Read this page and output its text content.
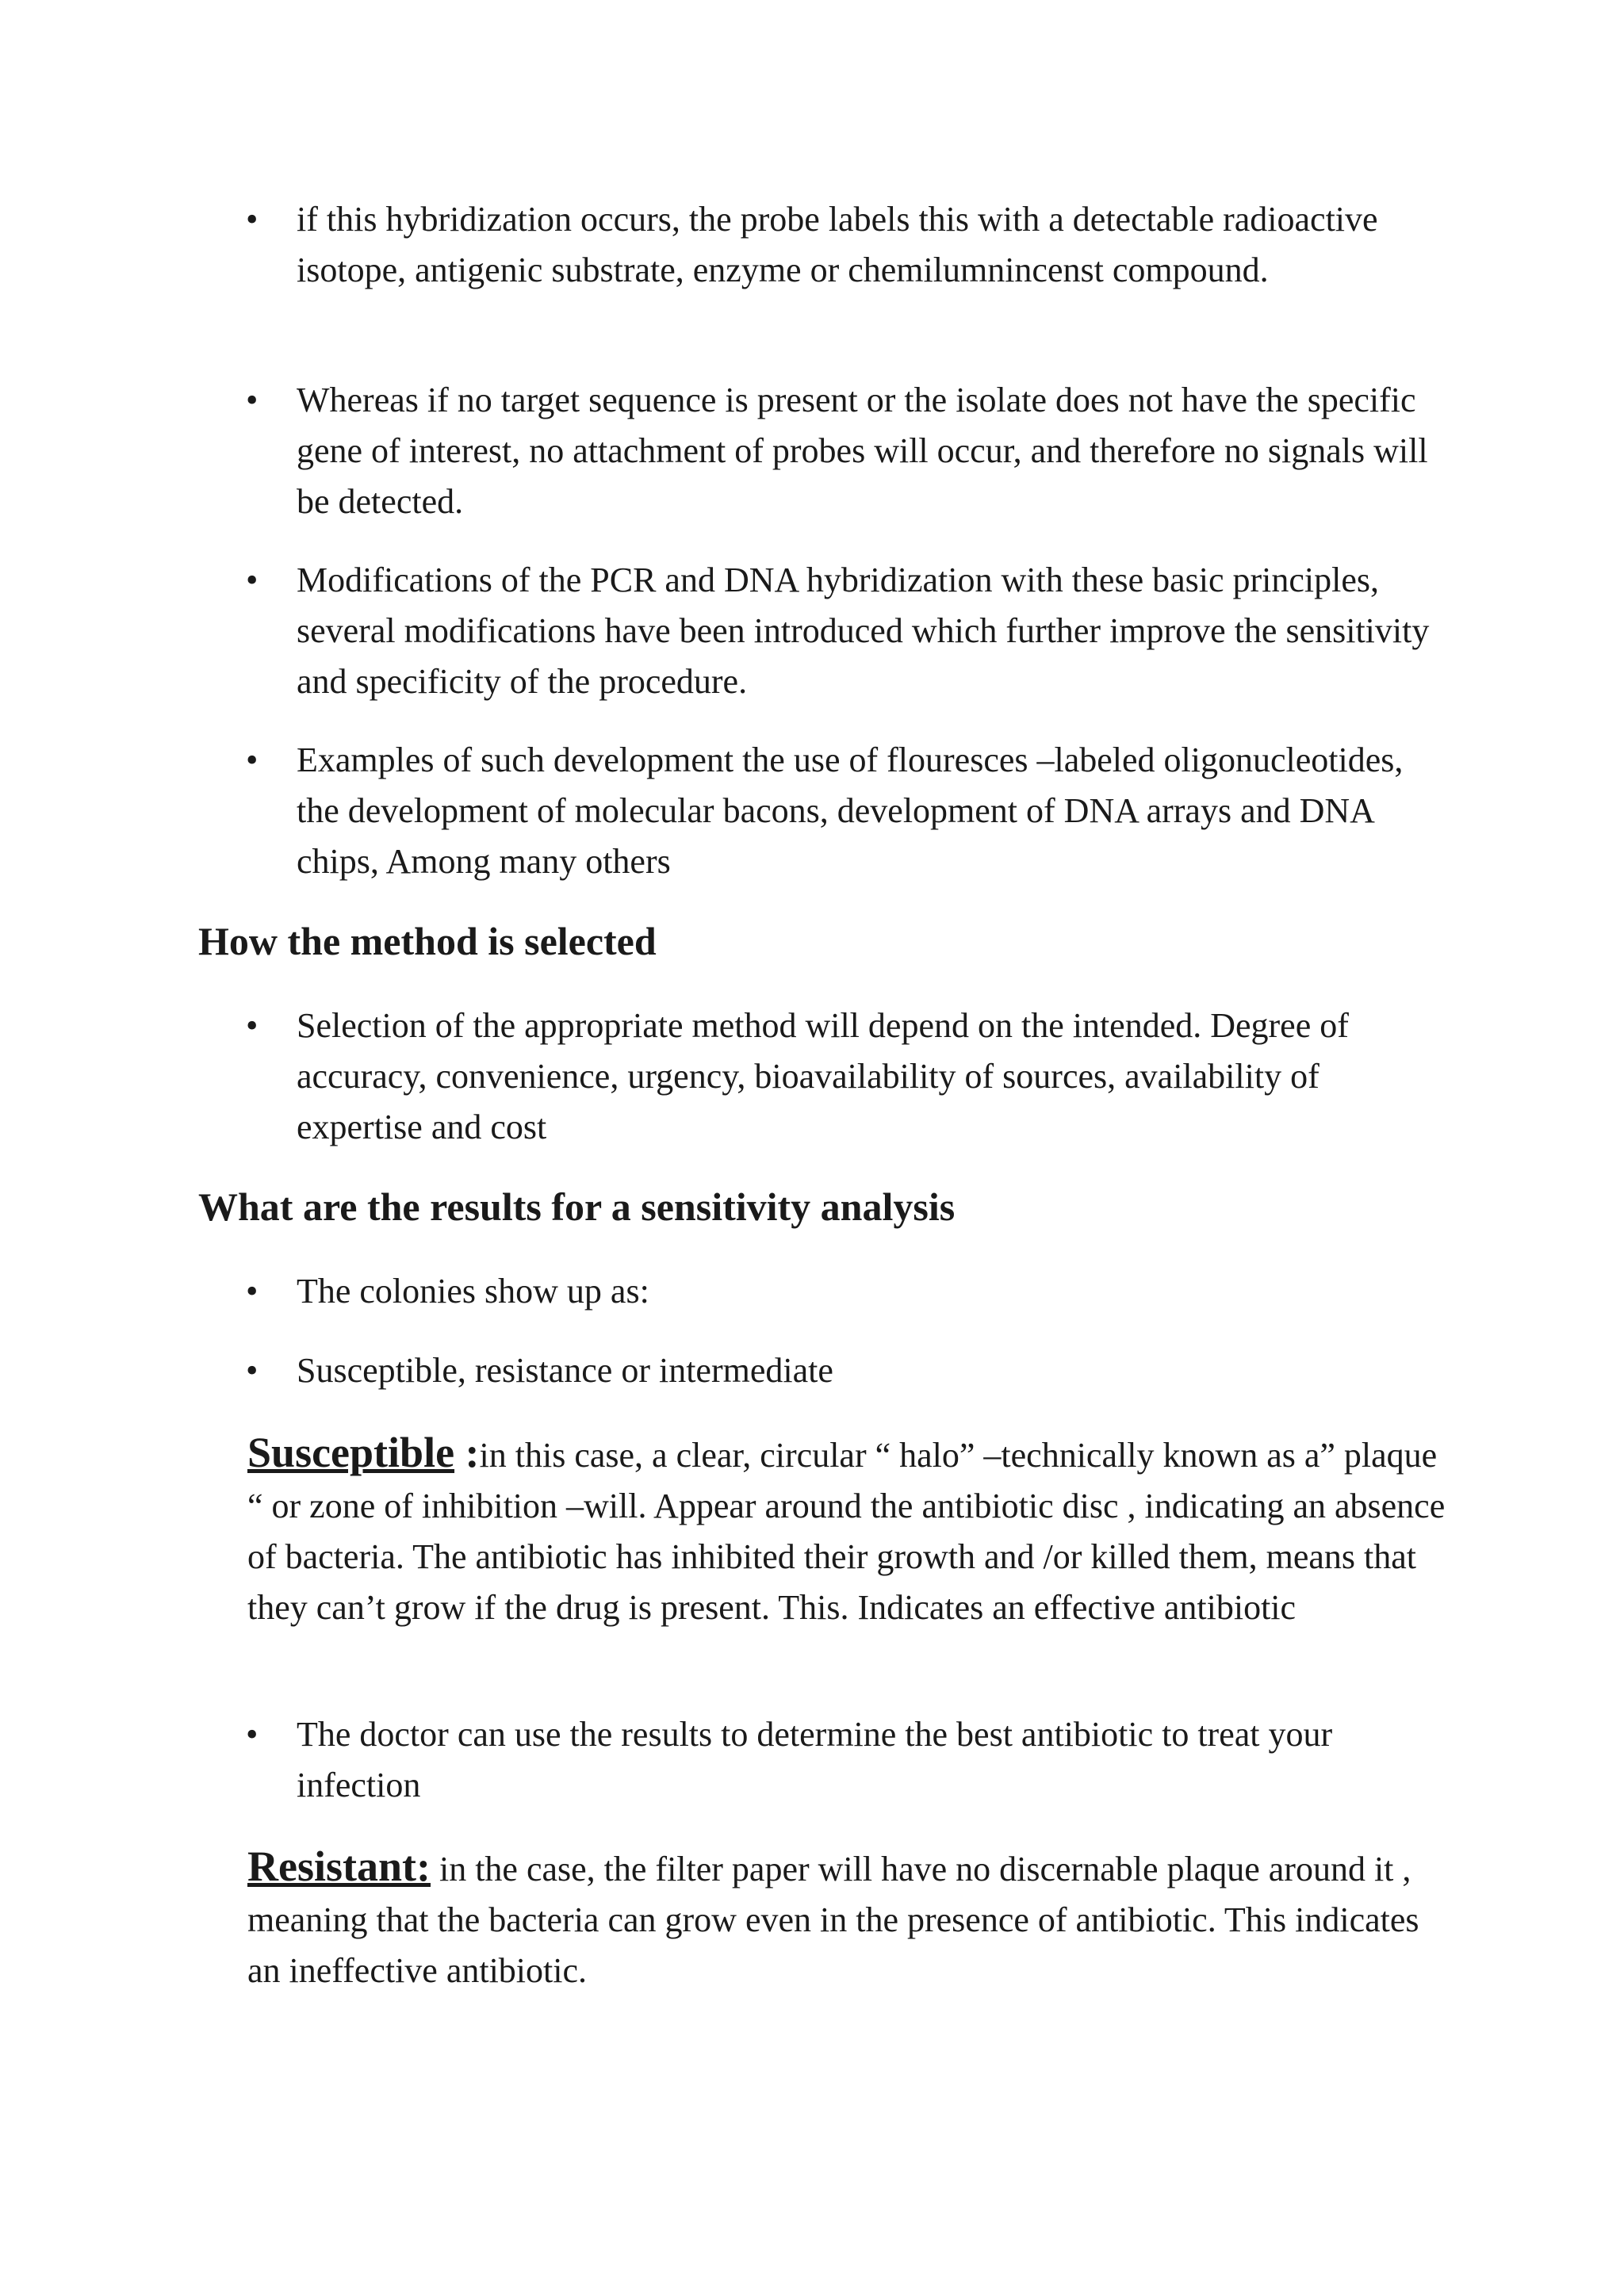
• if this hybridization occurs, the probe labels this with a detectable radioactive isotope, antigenic substrate, enzyme or chemilumnincenst compound.
• Whereas if no target sequence is present or the isolate does not have the specific gene of interest, no attachment of probes will occur, and therefore no signals will be detected.
• Modifications of the PCR and DNA hybridization with these basic principles, several modifications have been introduced which further improve the sensitivity and specificity of the procedure.
• Examples of such development the use of flouresces –labeled oligonucleotides, the development of molecular bacons, development of DNA arrays and DNA chips, Among many others
How the method is selected
• Selection of the appropriate method will depend on the intended. Degree of accuracy, convenience, urgency, bioavailability of sources, availability of expertise and cost
What are the results for a sensitivity analysis
• The colonies show up as:
• Susceptible, resistance or intermediate
Susceptible :in this case, a clear, circular “ halo” –technically known as a” plaque “ or zone of inhibition –will. Appear around the antibiotic disc , indicating an absence of bacteria. The antibiotic has inhibited their growth and /or killed them, means that they can’t grow if the drug is present. This. Indicates an effective antibiotic
• The doctor can use the results to determine the best antibiotic to treat your infection
Resistant: in the case, the filter paper will have no discernable plaque around it , meaning that the bacteria can grow even in the presence of antibiotic. This indicates an ineffective antibiotic.
